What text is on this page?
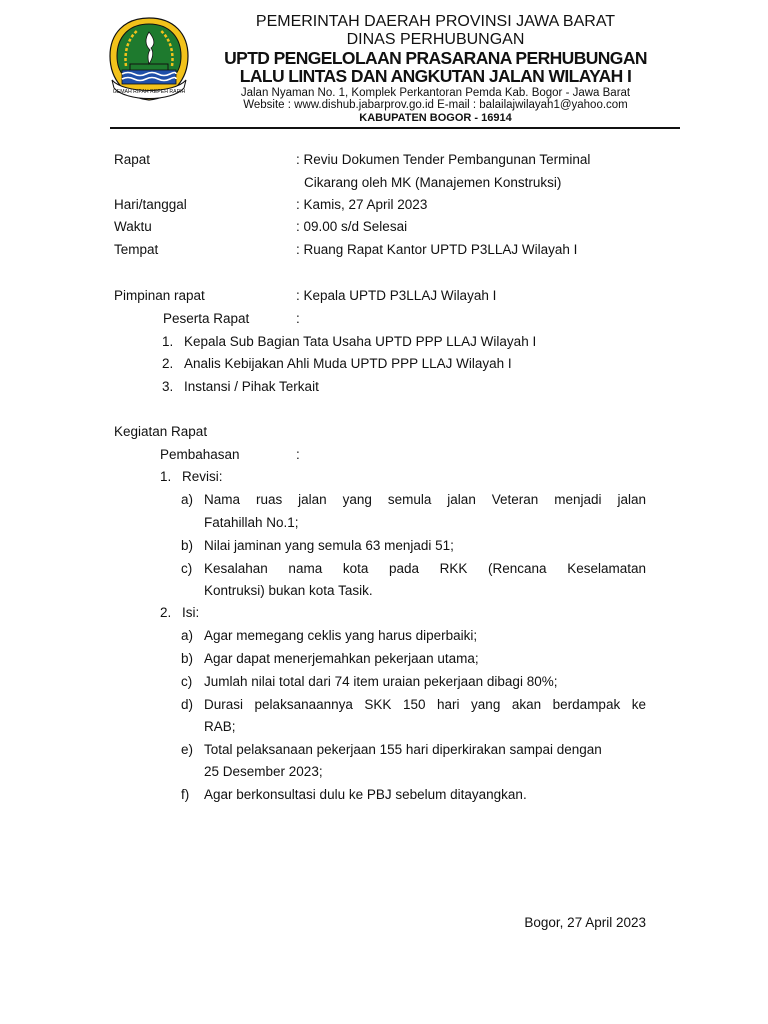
GEMAH RIPAH REPEH RAPIH
PEMERINTAH DAERAH PROVINSI JAWA BARAT
DINAS PERHUBUNGAN
UPTD PENGELOLAAN PRASARANA PERHUBUNGAN
LALU LINTAS DAN ANGKUTAN JALAN WILAYAH I
Jalan Nyaman No. 1, Komplek Perkantoran Pemda Kab. Bogor - Jawa Barat
Website : www.dishub.jabarprov.go.id E-mail : balailajwilayah1@yahoo.com
KABUPATEN BOGOR - 16914
Rapat	: Reviu Dokumen Tender Pembangunan Terminal
Cikarang oleh MK (Manajemen Konstruksi)
Hari/tanggal	: Kamis, 27 April 2023
Waktu	: 09.00 s/d Selesai
Tempat	: Ruang Rapat Kantor UPTD P3LLAJ Wilayah I
Pimpinan rapat	: Kepala UPTD P3LLAJ Wilayah I
Peserta Rapat	:
1. Kepala Sub Bagian Tata Usaha UPTD PPP LLAJ Wilayah I
2. Analis Kebijakan Ahli Muda UPTD PPP LLAJ Wilayah I
3. Instansi / Pihak Terkait
Kegiatan Rapat
Pembahasan	:
1. Revisi:
a) Nama ruas jalan yang semula jalan Veteran menjadi jalan
Fatahillah No.1;
b) Nilai jaminan yang semula 63 menjadi 51;
c) Kesalahan nama kota pada RKK (Rencana Keselamatan
Kontruksi) bukan kota Tasik.
2. Isi:
a) Agar memegang ceklis yang harus diperbaiki;
b) Agar dapat menerjemahkan pekerjaan utama;
c) Jumlah nilai total dari 74 item uraian pekerjaan dibagi 80%;
d) Durasi pelaksanaannya SKK 150 hari yang akan berdampak ke
RAB;
e) Total pelaksanaan pekerjaan 155 hari diperkirakan sampai dengan
25 Desember 2023;
f) Agar berkonsultasi dulu ke PBJ sebelum ditayangkan.
Bogor, 27 April 2023
